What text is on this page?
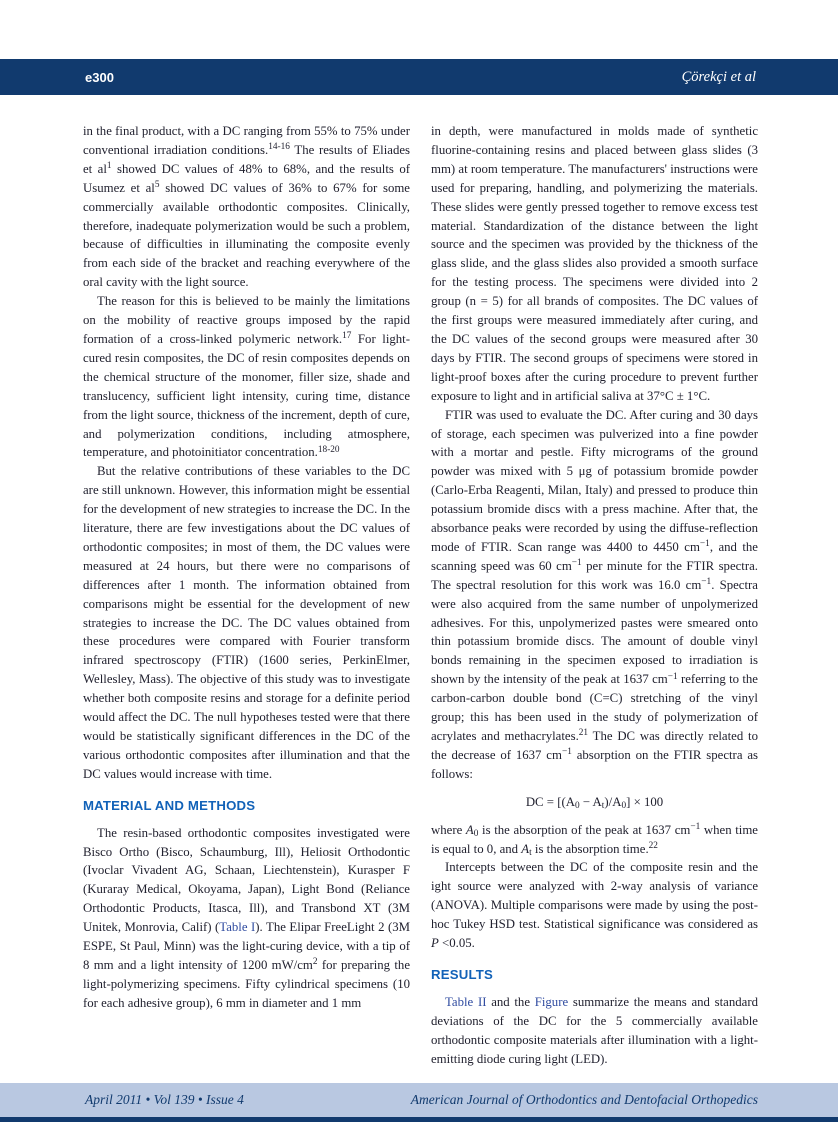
e300	Çörekçi et al

in the final product, with a DC ranging from 55% to 75% under conventional irradiation conditions.$^{14-16}$ The results of Eliades et $al^1$ showed DC values of 48% to 68%, and the results of Usumez et $al^5$ showed DC values of 36% to 67% for some commercially available orthodontic composites. Clinically, therefore, inadequate polymerization would be such a problem, because of difficulties in illuminating the composite evenly from each side of the bracket and reaching everywhere of the oral cavity with the light source.

The reason for this is believed to be mainly the limitations on the mobility of reactive groups imposed by the rapid formation of a cross-linked polymeric network.$^{17}$ For light-cured resin composites, the DC of resin composites depends on the chemical structure of the monomer, filler size, shade and translucency, sufficient light intensity, curing time, distance from the light source, thickness of the increment, depth of cure, and polymerization conditions, including atmosphere, temperature, and photoinitiator concentration.$^{18-20}$

But the relative contributions of these variables to the DC are still unknown. However, this information might be essential for the development of new strategies to increase the DC. In the literature, there are few investigations about the DC values of orthodontic composites; in most of them, the DC values were measured at 24 hours, but there were no comparisons of differences after 1 month. The information obtained from comparisons might be essential for the development of new strategies to increase the DC. The DC values obtained from these procedures were compared with Fourier transform infrared spectroscopy (FTIR) (1600 series, PerkinElmer, Wellesley, Mass). The objective of this study was to investigate whether both composite resins and storage for a definite period would affect the DC. The null hypotheses tested were that there would be statistically significant differences in the DC of the various orthodontic composites after illumination and that the DC values would increase with time.

MATERIAL AND METHODS

The resin-based orthodontic composites investigated were Bisco Ortho (Bisco, Schaumburg, Ill), Heliosit Orthodontic (Ivoclar Vivadent AG, Schaan, Liechtenstein), Kurasper F (Kuraray Medical, Okoyama, Japan), Light Bond (Reliance Orthodontic Products, Itasca, Ill), and Transbond XT (3M Unitek, Monrovia, Calif) (Table I). The Elipar FreeLight 2 (3M ESPE, St Paul, Minn) was the light-curing device, with a tip of 8 mm and a light intensity of 1200 $mW/cm^2$ for preparing the light-polymerizing specimens. Fifty cylindrical specimens (10 for each adhesive group), 6 mm in diameter and 1 mm

in depth, were manufactured in molds made of synthetic fluorine-containing resins and placed between glass slides (3 mm) at room temperature. The manufacturers' instructions were used for preparing, handling, and polymerizing the materials. These slides were gently pressed together to remove excess test material. Standardization of the distance between the light source and the specimen was provided by the thickness of the glass slide, and the glass slides also provided a smooth surface for the testing process. The specimens were divided into 2 group (n = 5) for all brands of composites. The DC values of the first groups were measured immediately after curing, and the DC values of the second groups were measured after 30 days by FTIR. The second groups of specimens were stored in light-proof boxes after the curing procedure to prevent further exposure to light and in artificial saliva at 37°C ± 1°C.

FTIR was used to evaluate the DC. After curing and 30 days of storage, each specimen was pulverized into a fine powder with a mortar and pestle. Fifty micrograms of the ground powder was mixed with 5 μg of potassium bromide powder (Carlo-Erba Reagenti, Milan, Italy) and pressed to produce thin potassium bromide discs with a press machine. After that, the absorbance peaks were recorded by using the diffuse-reflection mode of FTIR. Scan range was 4400 to 4450 $cm^{-1}$, and the scanning speed was 60 $cm^{-1}$ per minute for the FTIR spectra. The spectral resolution for this work was 16.0 $cm^{-1}$. Spectra were also acquired from the same number of unpolymerized adhesives. For this, unpolymerized pastes were smeared onto thin potassium bromide discs. The amount of double vinyl bonds remaining in the specimen exposed to irradiation is shown by the intensity of the peak at 1637 $cm^{-1}$ referring to the carbon-carbon double bond (C=C) stretching of the vinyl group; this has been used in the study of polymerization of acrylates and methacrylates.$^{21}$ The DC was directly related to the decrease of 1637 $cm^{-1}$ absorption on the FTIR spectra as follows:

DC = $[(A_0 - A_t)/A_0] \times 100$

where $A_0$ is the absorption of the peak at 1637 $cm^{-1}$ when time is equal to 0, and $A_t$ is the absorption time.$^{22}$

Intercepts between the DC of the composite resin and the ight source were analyzed with 2-way analysis of variance (ANOVA). Multiple comparisons were made by using the post-hoc Tukey HSD test. Statistical significance was considered as P <0.05.

RESULTS

Table II and the Figure summarize the means and standard deviations of the DC for the 5 commercially available orthodontic composite materials after illumination with a light-emitting diode curing light (LED).

April 2011 • Vol 139 • Issue 4	American Journal of Orthodontics and Dentofacial Orthopedics
